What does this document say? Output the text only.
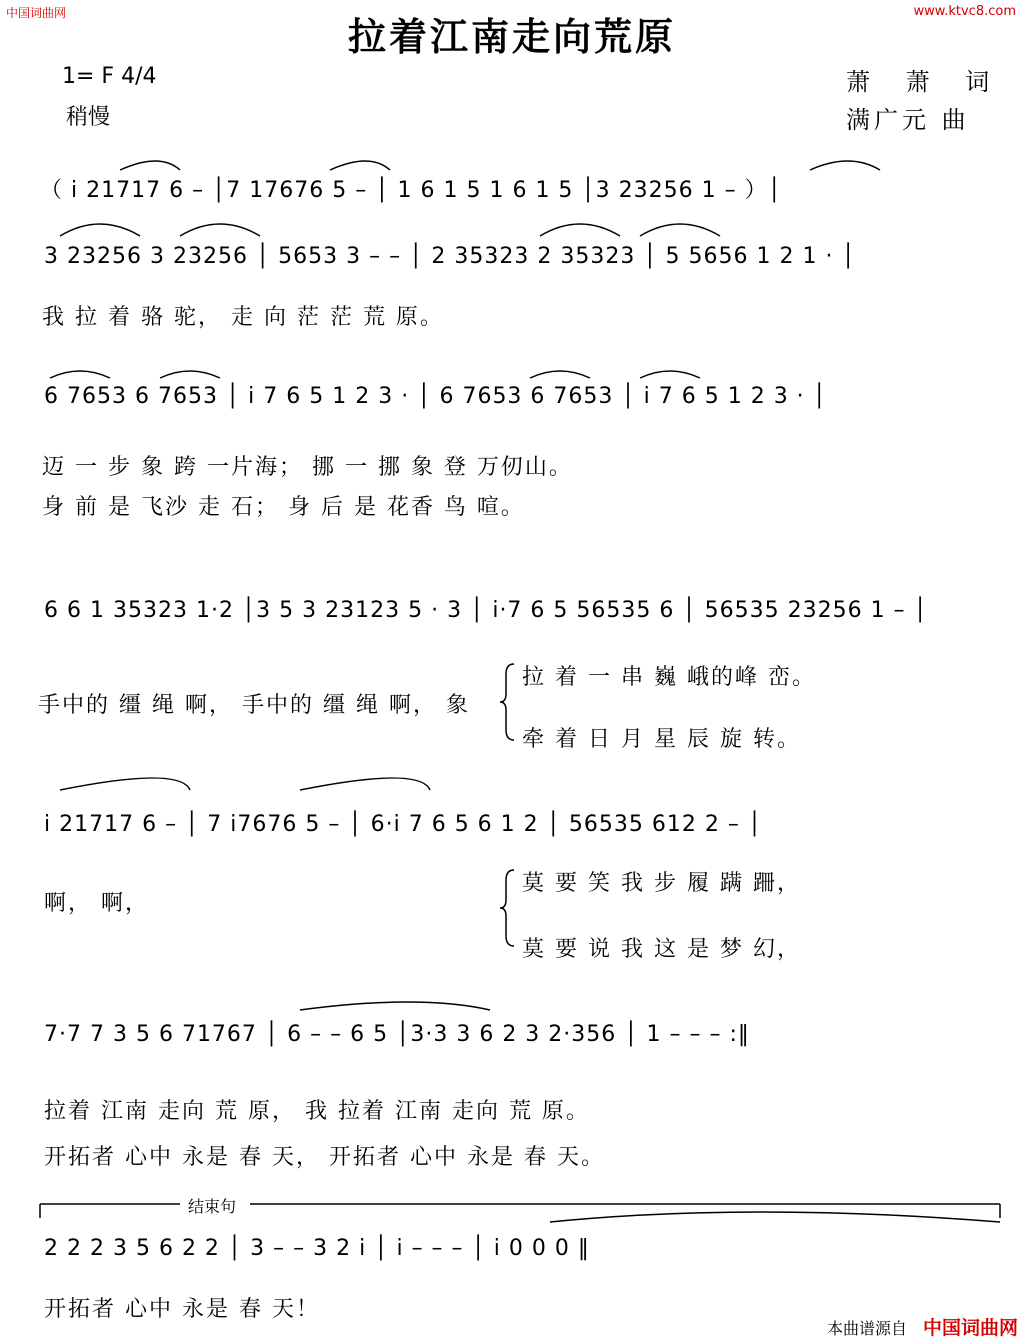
中国词曲网	www.ktvc8.com
拉着江南走向荒原
1= F 4/4
稍慢
萧 萧 词
满广元 曲
（ i 21717 6 – │7 17676 5 – │ 1 6 1 5 1 6 1 5 │3 23256 1 – ）│
3 23256 3 23256 │ 5653 3 – – │ 2 35323 2 35323 │ 5 5656 1 2 1 · │
6 7653 6 7653 │ i 7 6 5 1 2 3 · │ 6 7653 6 7653 │ i 7 6 5 1 2 3 · │
6 6 1 35323 1·2 │3 5 3 23123 5 · 3 │ i·7 6 5 56535 6 │ 56535 23256 1 – │
i 21717 6 – │ 7 i7676 5 – │ 6·i 7 6 5 6 1 2 │ 56535 612 2 – │
7·7 7 3 5 6 71767 │ 6 – – 6 5 │3·3 3 6 2 3 2·356 │ 1 – – – :‖
2 2 2 3 5 6 2 2 │ 3 – – 3 2 i │ i – – – │ i 0 0 0 ‖
我 拉 着 骆 驼， 走 向 茫 茫 荒 原。
迈 一 步 象 跨 一片海； 挪 一 挪 象 登 万仞山。
身 前 是 飞沙 走 石； 身 后 是 花香 鸟 喧。
手中的 缰 绳 啊， 手中的 缰 绳 啊， 象
拉 着 一 串 巍 峨的峰 峦。
牵 着 日 月 星 辰 旋 转。
啊， 啊，
莫 要 笑 我 步 履 蹒 跚，
莫 要 说 我 这 是 梦 幻，
拉着 江南 走向 荒 原， 我 拉着 江南 走向 荒 原。
开拓者 心中 永是 春 天， 开拓者 心中 永是 春 天。
开拓者 心中 永是 春 天！
结束句
本曲谱源自 中国词曲网
